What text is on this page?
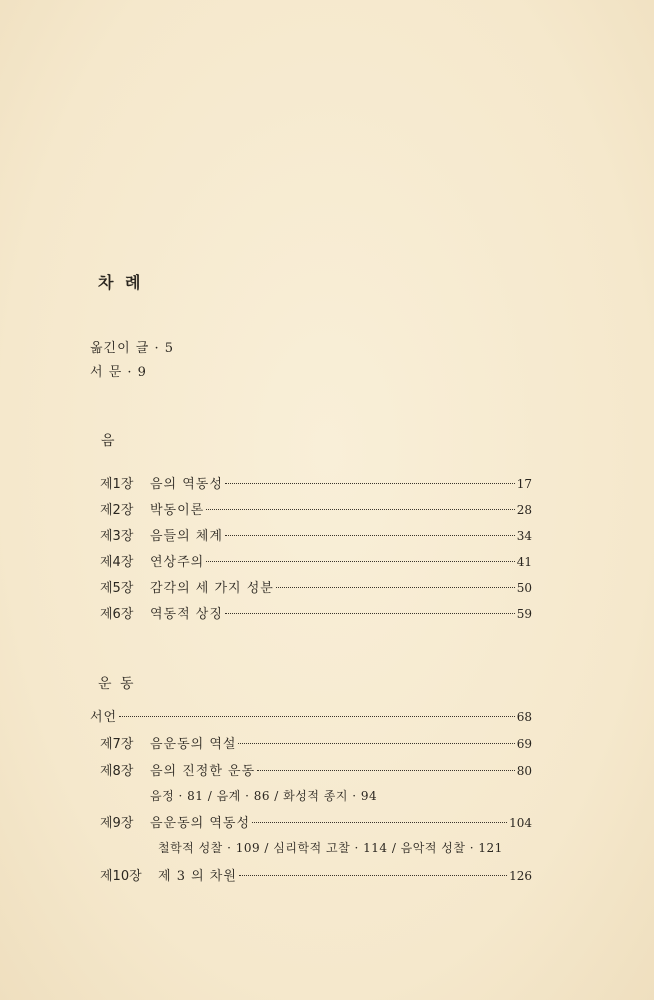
차 례
옮긴이 글 · 5
서 문 · 9
음
제1장	음의 역동성	17
제2장	박동이론	28
제3장	음들의 체계	34
제4장	연상주의	41
제5장	감각의 세 가지 성분	50
제6장	역동적 상징	59
운 동
서언	68
제7장	음운동의 역설	69
제8장	음의 진정한 운동	80
음정 · 81 / 음계 · 86 / 화성적 종지 · 94
제9장	음운동의 역동성	104
철학적 성찰 · 109 / 심리학적 고찰 · 114 / 음악적 성찰 · 121
제10장	제 3 의 차원	126
